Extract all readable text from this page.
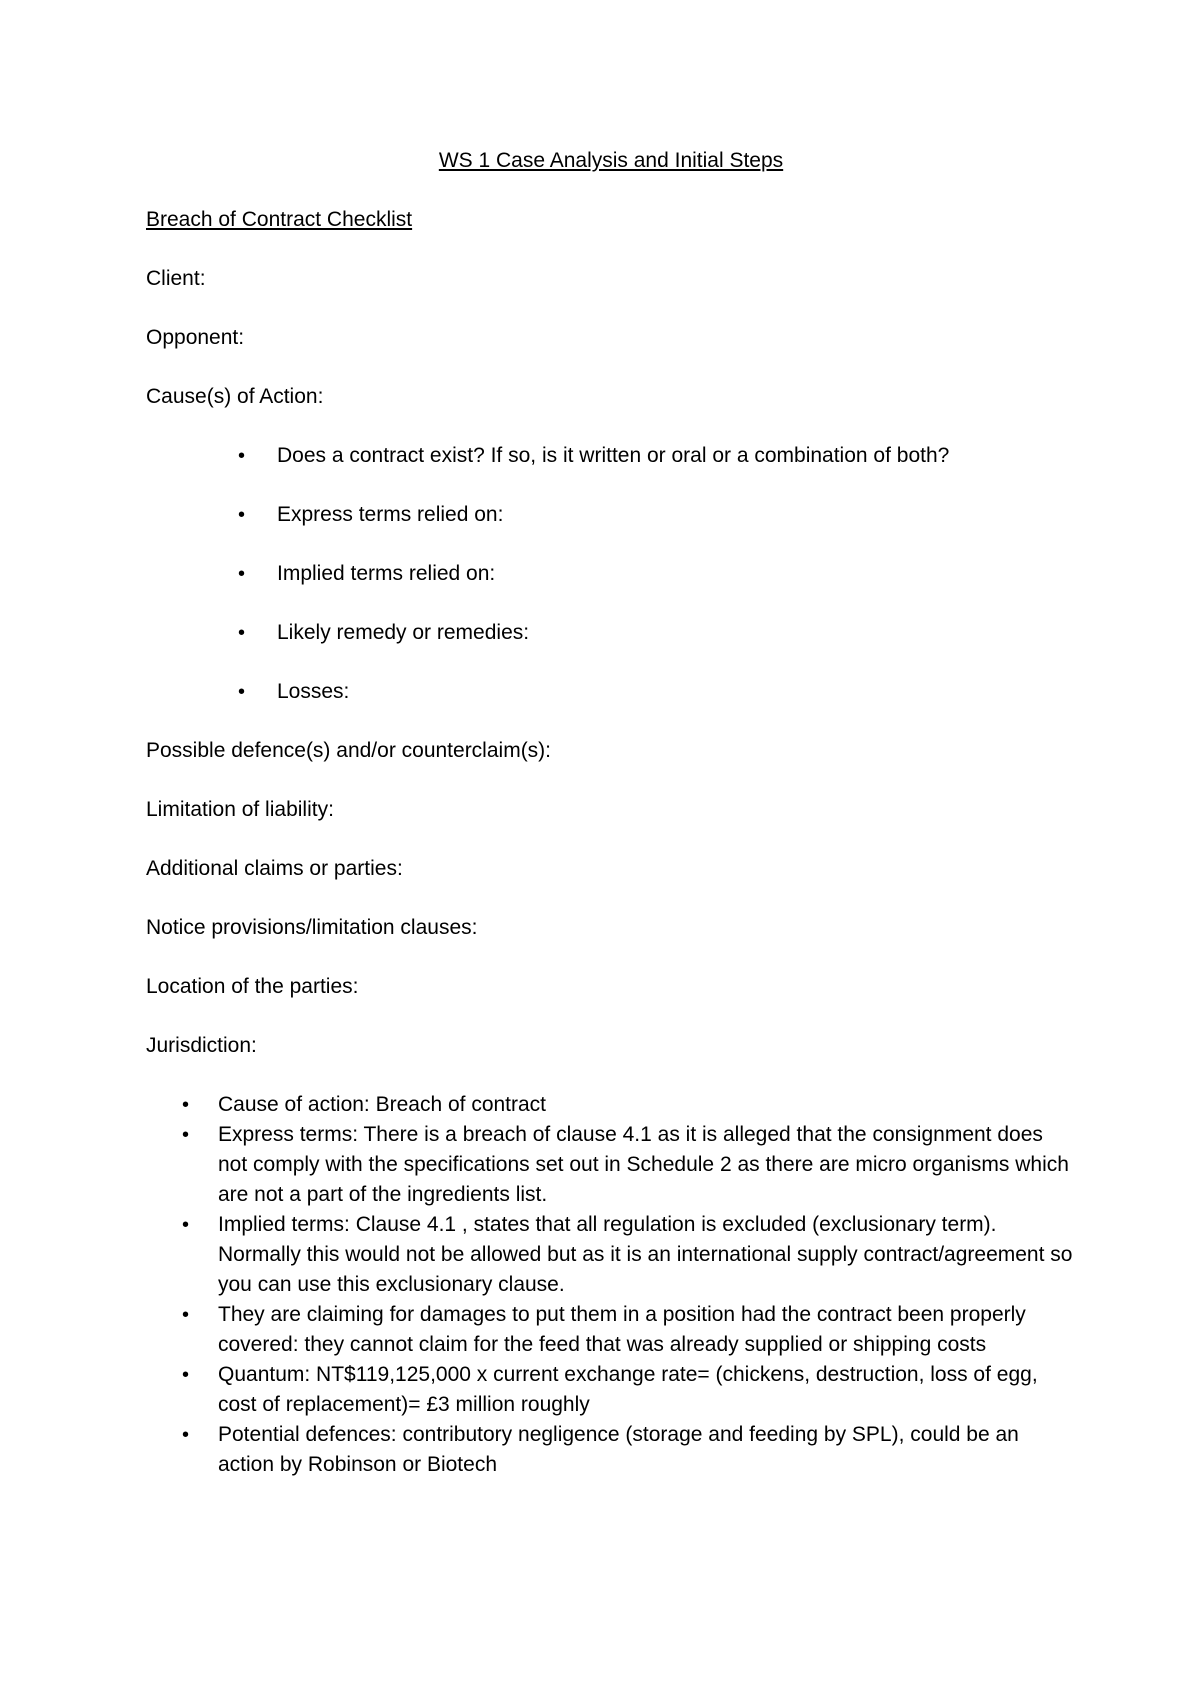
WS 1 Case Analysis and Initial Steps
Breach of Contract Checklist
Client:
Opponent:
Cause(s) of Action:
• Does a contract exist? If so, is it written or oral or a combination of both?
• Express terms relied on:
• Implied terms relied on:
• Likely remedy or remedies:
• Losses:
Possible defence(s) and/or counterclaim(s):
Limitation of liability:
Additional claims or parties:
Notice provisions/limitation clauses:
Location of the parties:
Jurisdiction:
• Cause of action: Breach of contract
• Express terms: There is a breach of clause 4.1 as it is alleged that the consignment does not comply with the specifications set out in Schedule 2 as there are micro organisms which are not a part of the ingredients list.
• Implied terms: Clause 4.1 , states that all regulation is excluded (exclusionary term). Normally this would not be allowed but as it is an international supply contract/agreement so you can use this exclusionary clause.
• They are claiming for damages to put them in a position had the contract been properly covered: they cannot claim for the feed that was already supplied or shipping costs
• Quantum: NT$119,125,000 x current exchange rate= (chickens, destruction, loss of egg, cost of replacement)= £3 million roughly
• Potential defences: contributory negligence (storage and feeding by SPL), could be an action by Robinson or Biotech
